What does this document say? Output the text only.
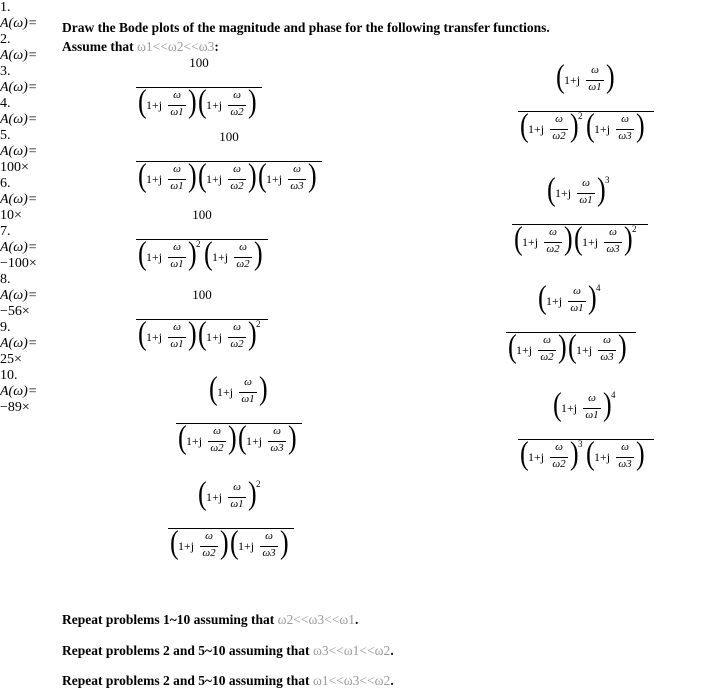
Draw the Bode plots of the magnitude and phase for the following transfer functions.
Assume that ω1<<ω2<<ω3:
1.
A(ω)=
100
( 1+j
ω
ω1 ) ( 1+j
ω
ω2 )
2.
A(ω)=
100
( 1+j
ω
ω1 ) ( 1+j
ω
ω2 ) ( 1+j
ω
ω3 )
3.
A(ω)=
100
( 1+j
ω
ω1 ) 2 ( 1+j
ω
ω2 )
4.
A(ω)=
100
( 1+j
ω
ω1 ) ( 1+j
ω
ω2 ) 2
5.
A(ω)=
100×
( 1+j
ω
ω1 )
( 1+j
ω
ω2 ) ( 1+j
ω
ω3 )
6.
A(ω)=
10×
( 1+j
ω
ω1 ) 2
( 1+j
ω
ω2 ) ( 1+j
ω
ω3 )
7.
A(ω)=
−100×
( 1+j
ω
ω1 )
( 1+j
ω
ω2 ) 2 ( 1+j
ω
ω3 )
8.
A(ω)=
−56×
( 1+j
ω
ω1 ) 3
( 1+j
ω
ω2 ) ( 1+j
ω
ω3 ) 2
9.
A(ω)=
25×
( 1+j
ω
ω1 ) 4
( 1+j
ω
ω2 ) ( 1+j
ω
ω3 )
10.
A(ω)=
−89×	( 1+j
ω
ω1 ) 4
( 1+j
ω
ω2 ) 3 ( 1+j
ω
ω3 )
Repeat problems 1~10 assuming that ω2<<ω3<<ω1.
Repeat problems 2 and 5~10 assuming that ω3<<ω1<<ω2.
Repeat problems 2 and 5~10 assuming that ω1<<ω3<<ω2.
